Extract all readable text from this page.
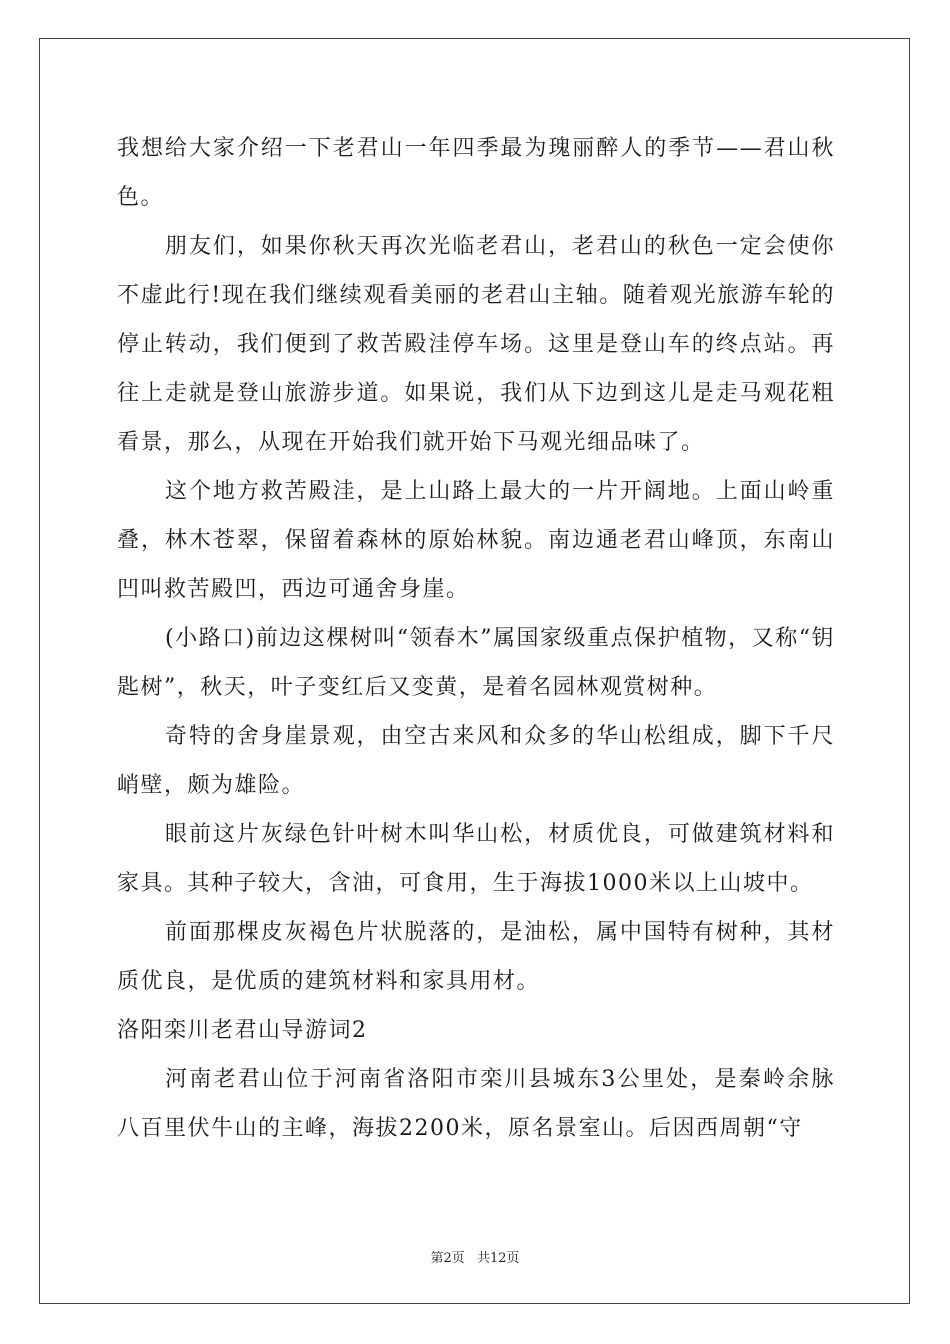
我想给大家介绍一下老君山一年四季最为瑰丽醉人的季节——君山秋色。

朋友们，如果你秋天再次光临老君山，老君山的秋色一定会使你不虚此行!现在我们继续观看美丽的老君山主轴。随着观光旅游车轮的停止转动，我们便到了救苦殿洼停车场。这里是登山车的终点站。再往上走就是登山旅游步道。如果说，我们从下边到这儿是走马观花粗看景，那么，从现在开始我们就开始下马观光细品味了。

这个地方救苦殿洼，是上山路上最大的一片开阔地。上面山岭重叠，林木苍翠，保留着森林的原始林貌。南边通老君山峰顶，东南山凹叫救苦殿凹，西边可通舍身崖。

(小路口)前边这棵树叫“领春木”属国家级重点保护植物，又称“钥匙树”，秋天，叶子变红后又变黄，是着名园林观赏树种。

奇特的舍身崖景观，由空古来风和众多的华山松组成，脚下千尺峭壁，颇为雄险。

眼前这片灰绿色针叶树木叫华山松，材质优良，可做建筑材料和家具。其种子较大，含油，可食用，生于海拔1000米以上山坡中。

前面那棵皮灰褐色片状脱落的，是油松，属中国特有树种，其材质优良，是优质的建筑材料和家具用材。

洛阳栾川老君山导游词2

河南老君山位于河南省洛阳市栾川县城东3公里处，是秦岭余脉八百里伏牛山的主峰，海拔2200米，原名景室山。后因西周朝“守

第2页 共12页
